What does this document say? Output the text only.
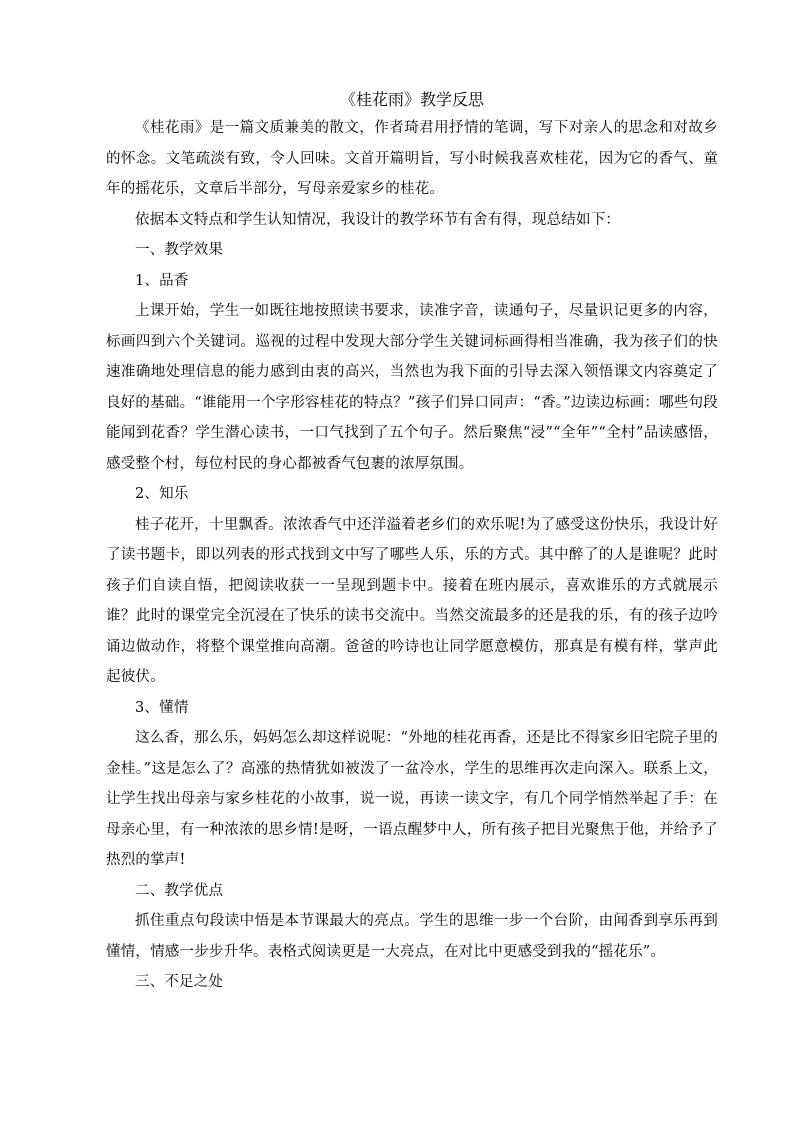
《桂花雨》教学反思

《桂花雨》是一篇文质兼美的散文，作者琦君用抒情的笔调，写下对亲人的思念和对故乡的怀念。文笔疏淡有致，令人回味。文首开篇明旨，写小时候我喜欢桂花，因为它的香气、童年的摇花乐，文章后半部分，写母亲爱家乡的桂花。

依据本文特点和学生认知情况，我设计的教学环节有舍有得，现总结如下：

一、教学效果

1、品香

上课开始，学生一如既往地按照读书要求，读准字音，读通句子，尽量识记更多的内容，标画四到六个关键词。巡视的过程中发现大部分学生关键词标画得相当准确，我为孩子们的快速准确地处理信息的能力感到由衷的高兴，当然也为我下面的引导去深入领悟课文内容奠定了良好的基础。“谁能用一个字形容桂花的特点？”孩子们异口同声：“香。”边读边标画：哪些句段能闻到花香？学生潜心读书，一口气找到了五个句子。然后聚焦“浸”“全年”“全村”品读感悟，感受整个村，每位村民的身心都被香气包裹的浓厚氛围。

2、知乐

桂子花开，十里飘香。浓浓香气中还洋溢着老乡们的欢乐呢!为了感受这份快乐，我设计好了读书题卡，即以列表的形式找到文中写了哪些人乐，乐的方式。其中醉了的人是谁呢？此时孩子们自读自悟，把阅读收获一一呈现到题卡中。接着在班内展示，喜欢谁乐的方式就展示谁？此时的课堂完全沉浸在了快乐的读书交流中。当然交流最多的还是我的乐，有的孩子边吟诵边做动作，将整个课堂推向高潮。爸爸的吟诗也让同学愿意模仿，那真是有模有样，掌声此起彼伏。

3、懂情

这么香，那么乐，妈妈怎么却这样说呢：“外地的桂花再香，还是比不得家乡旧宅院子里的金桂。”这是怎么了？高涨的热情犹如被泼了一盆冷水，学生的思维再次走向深入。联系上文，让学生找出母亲与家乡桂花的小故事，说一说，再读一读文字，有几个同学悄然举起了手：在母亲心里，有一种浓浓的思乡情!是呀，一语点醒梦中人，所有孩子把目光聚焦于他，并给予了热烈的掌声!

二、教学优点

抓住重点句段读中悟是本节课最大的亮点。学生的思维一步一个台阶，由闻香到享乐再到懂情，情感一步步升华。表格式阅读更是一大亮点，在对比中更感受到我的“摇花乐”。

三、不足之处
